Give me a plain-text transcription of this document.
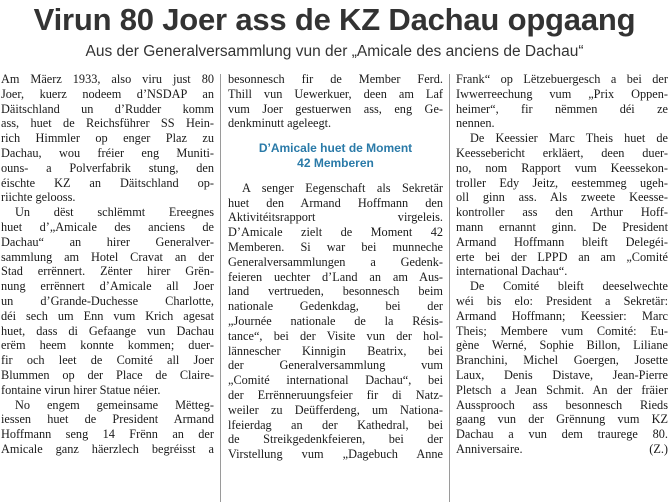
Virun 80 Joer ass de KZ Dachau opgaang
Aus der Generalversammlung vun der „Amicale des anciens de Dachau“
Am Mäerz 1933, also viru just 80
Joer, kuerz nodeem d’NSDAP an
Däitschland un d’Rudder komm
ass, huet de Reichsführer SS Hein-
rich Himmler op enger Plaz zu
Dachau, wou fréier eng Muniti-
ouns- a Polverfabrik stung, den
éischte KZ an Däitschland op-
riichte gelooss.
Un dëst schlëmmt Ereegnes
huet d’„Amicale des anciens de
Dachau“ an hirer Generalver-
sammlung am Hotel Cravat an der
Stad errënnert. Zënter hirer Grën-
nung errënnert d’Amicale all Joer
un d’Grande-Duchesse Charlotte,
déi sech um Enn vum Krich agesat
huet, dass di Gefaange vun Dachau
erëm heem konnte kommen; duer-
fir och leet de Comité all Joer
Blummen op der Place de Claire-
fontaine virun hirer Statue néier.
No engem gemeinsame Mëtteg-
iessen huet de President Armand
Hoffmann seng 14 Frënn an der
Amicale ganz häerzlech begréisst a
besonnesch fir de Member Ferd.
Thill vun Uewerkuer, deen am Laf
vum Joer gestuerwen ass, eng Ge-
denkminutt ageleegt.
D’Amicale huet de Moment
42 Memberen
A senger Eegenschaft als Sekretär
huet den Armand Hoffmann den
Aktivitéitsrapport virgeleis.
D’Amicale zielt de Moment 42
Memberen. Si war bei munneche
Generalversammlungen a Gedenk-
feieren uechter d’Land an am Aus-
land vertrueden, besonnesch beim
nationale Gedenkdag, bei der
„Journée nationale de la Résis-
tance“, bei der Visite vun der hol-
lännescher Kinnigin Beatrix, bei
der Generalversammlung vum
„Comité international Dachau“, bei
der Errënneruungsfeier fir di Natz-
weiler zu Deüfferdeng, um Nationa-
lfeierdag an der Kathedral, bei
de Streikgedenkfeieren, bei der
Virstellung vum „Dagebuch Anne
Frank“ op Lëtzebuergesch a bei der
Iwwerreechung vum „Prix Oppen-
heimer“, fir nëmmen déi ze
nennen.
De Keessier Marc Theis huet de
Keessebericht erkläert, deen duer-
no, nom Rapport vum Keessekon-
troller Edy Jeitz, eestemmeg ugeh-
oll ginn ass. Als zweete Keesse-
kontroller ass den Arthur Hoff-
mann ernannt ginn. De President
Armand Hoffmann bleift Delegéi-
erte bei der LPPD an am „Comité
international Dachau“.
De Comité bleift deeselwechte
wéi bis elo: President a Sekretär:
Armand Hoffmann; Keessier: Marc
Theis; Membere vum Comité: Eu-
gène Werné, Sophie Billon, Liliane
Branchini, Michel Goergen, Josette
Laux, Denis Distave, Jean-Pierre
Pletsch a Jean Schmit. An der fräier
Aussprooch ass besonnesch Rieds
gaang vun der Grënnung vum KZ
Dachau a vun dem traurege 80.
Anniversaire.	(Z.)
